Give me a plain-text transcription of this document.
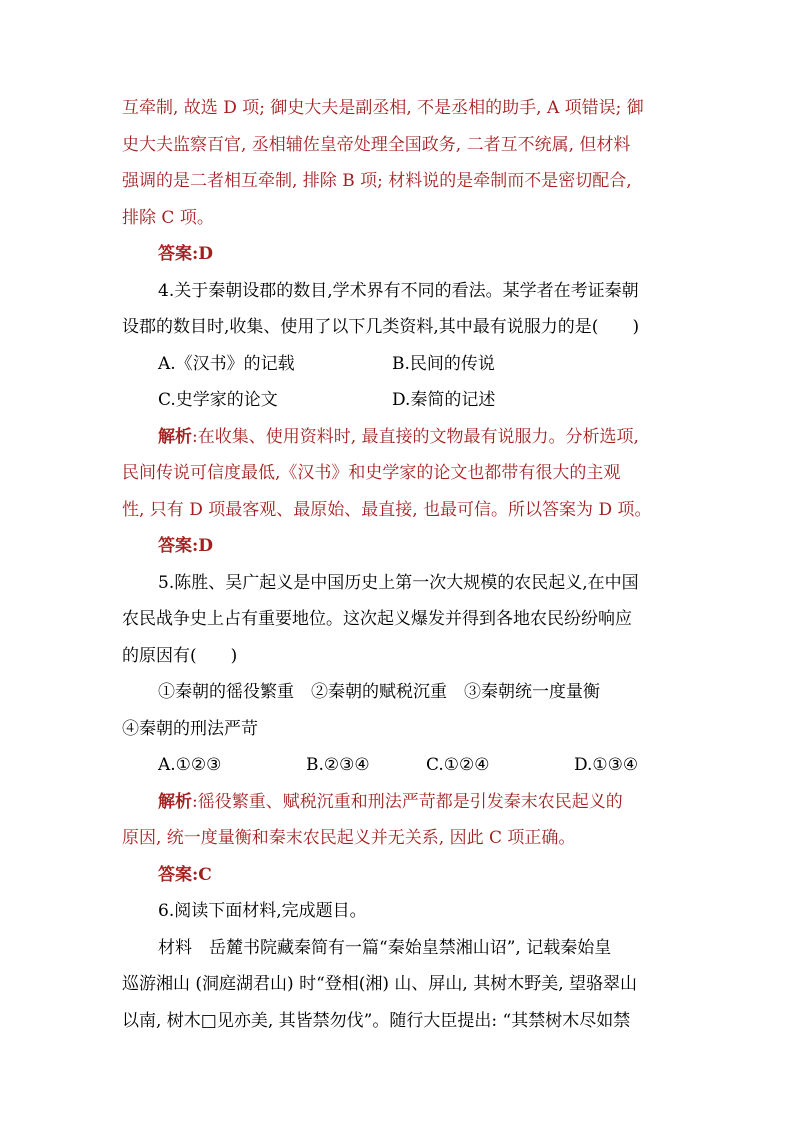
互牵制, 故选 D 项; 御史大夫是副丞相, 不是丞相的助手, A 项错误; 御
史大夫监察百官, 丞相辅佐皇帝处理全国政务, 二者互不统属, 但材料
强调的是二者相互牵制, 排除 B 项; 材料说的是牵制而不是密切配合,
排除 C 项。
答案:D
4.关于秦朝设郡的数目,学术界有不同的看法。某学者在考证秦朝
设郡的数目时,收集、使用了以下几类资料,其中最有说服力的是(　　)
A.《汉书》的记载	B.民间的传说
C.史学家的论文	D.秦简的记述
解析:在收集、使用资料时, 最直接的文物最有说服力。分析选项,
民间传说可信度最低,《汉书》和史学家的论文也都带有很大的主观
性, 只有 D 项最客观、最原始、最直接, 也最可信。所以答案为 D 项。
答案:D
5.陈胜、吴广起义是中国历史上第一次大规模的农民起义,在中国
农民战争史上占有重要地位。这次起义爆发并得到各地农民纷纷响应
的原因有(　　)
①秦朝的徭役繁重　②秦朝的赋税沉重　③秦朝统一度量衡
④秦朝的刑法严苛
A.①②③	B.②③④	C.①②④	D.①③④
解析:徭役繁重、赋税沉重和刑法严苛都是引发秦末农民起义的
原因, 统一度量衡和秦末农民起义并无关系, 因此 C 项正确。
答案:C
6.阅读下面材料,完成题目。
材料　岳麓书院藏秦简有一篇“秦始皇禁湘山诏”, 记载秦始皇
巡游湘山 (洞庭湖君山) 时“登相(湘) 山、屏山, 其树木野美, 望骆翠山
以南, 树木□见亦美, 其皆禁勿伐”。随行大臣提出: “其禁树木尽如禁
